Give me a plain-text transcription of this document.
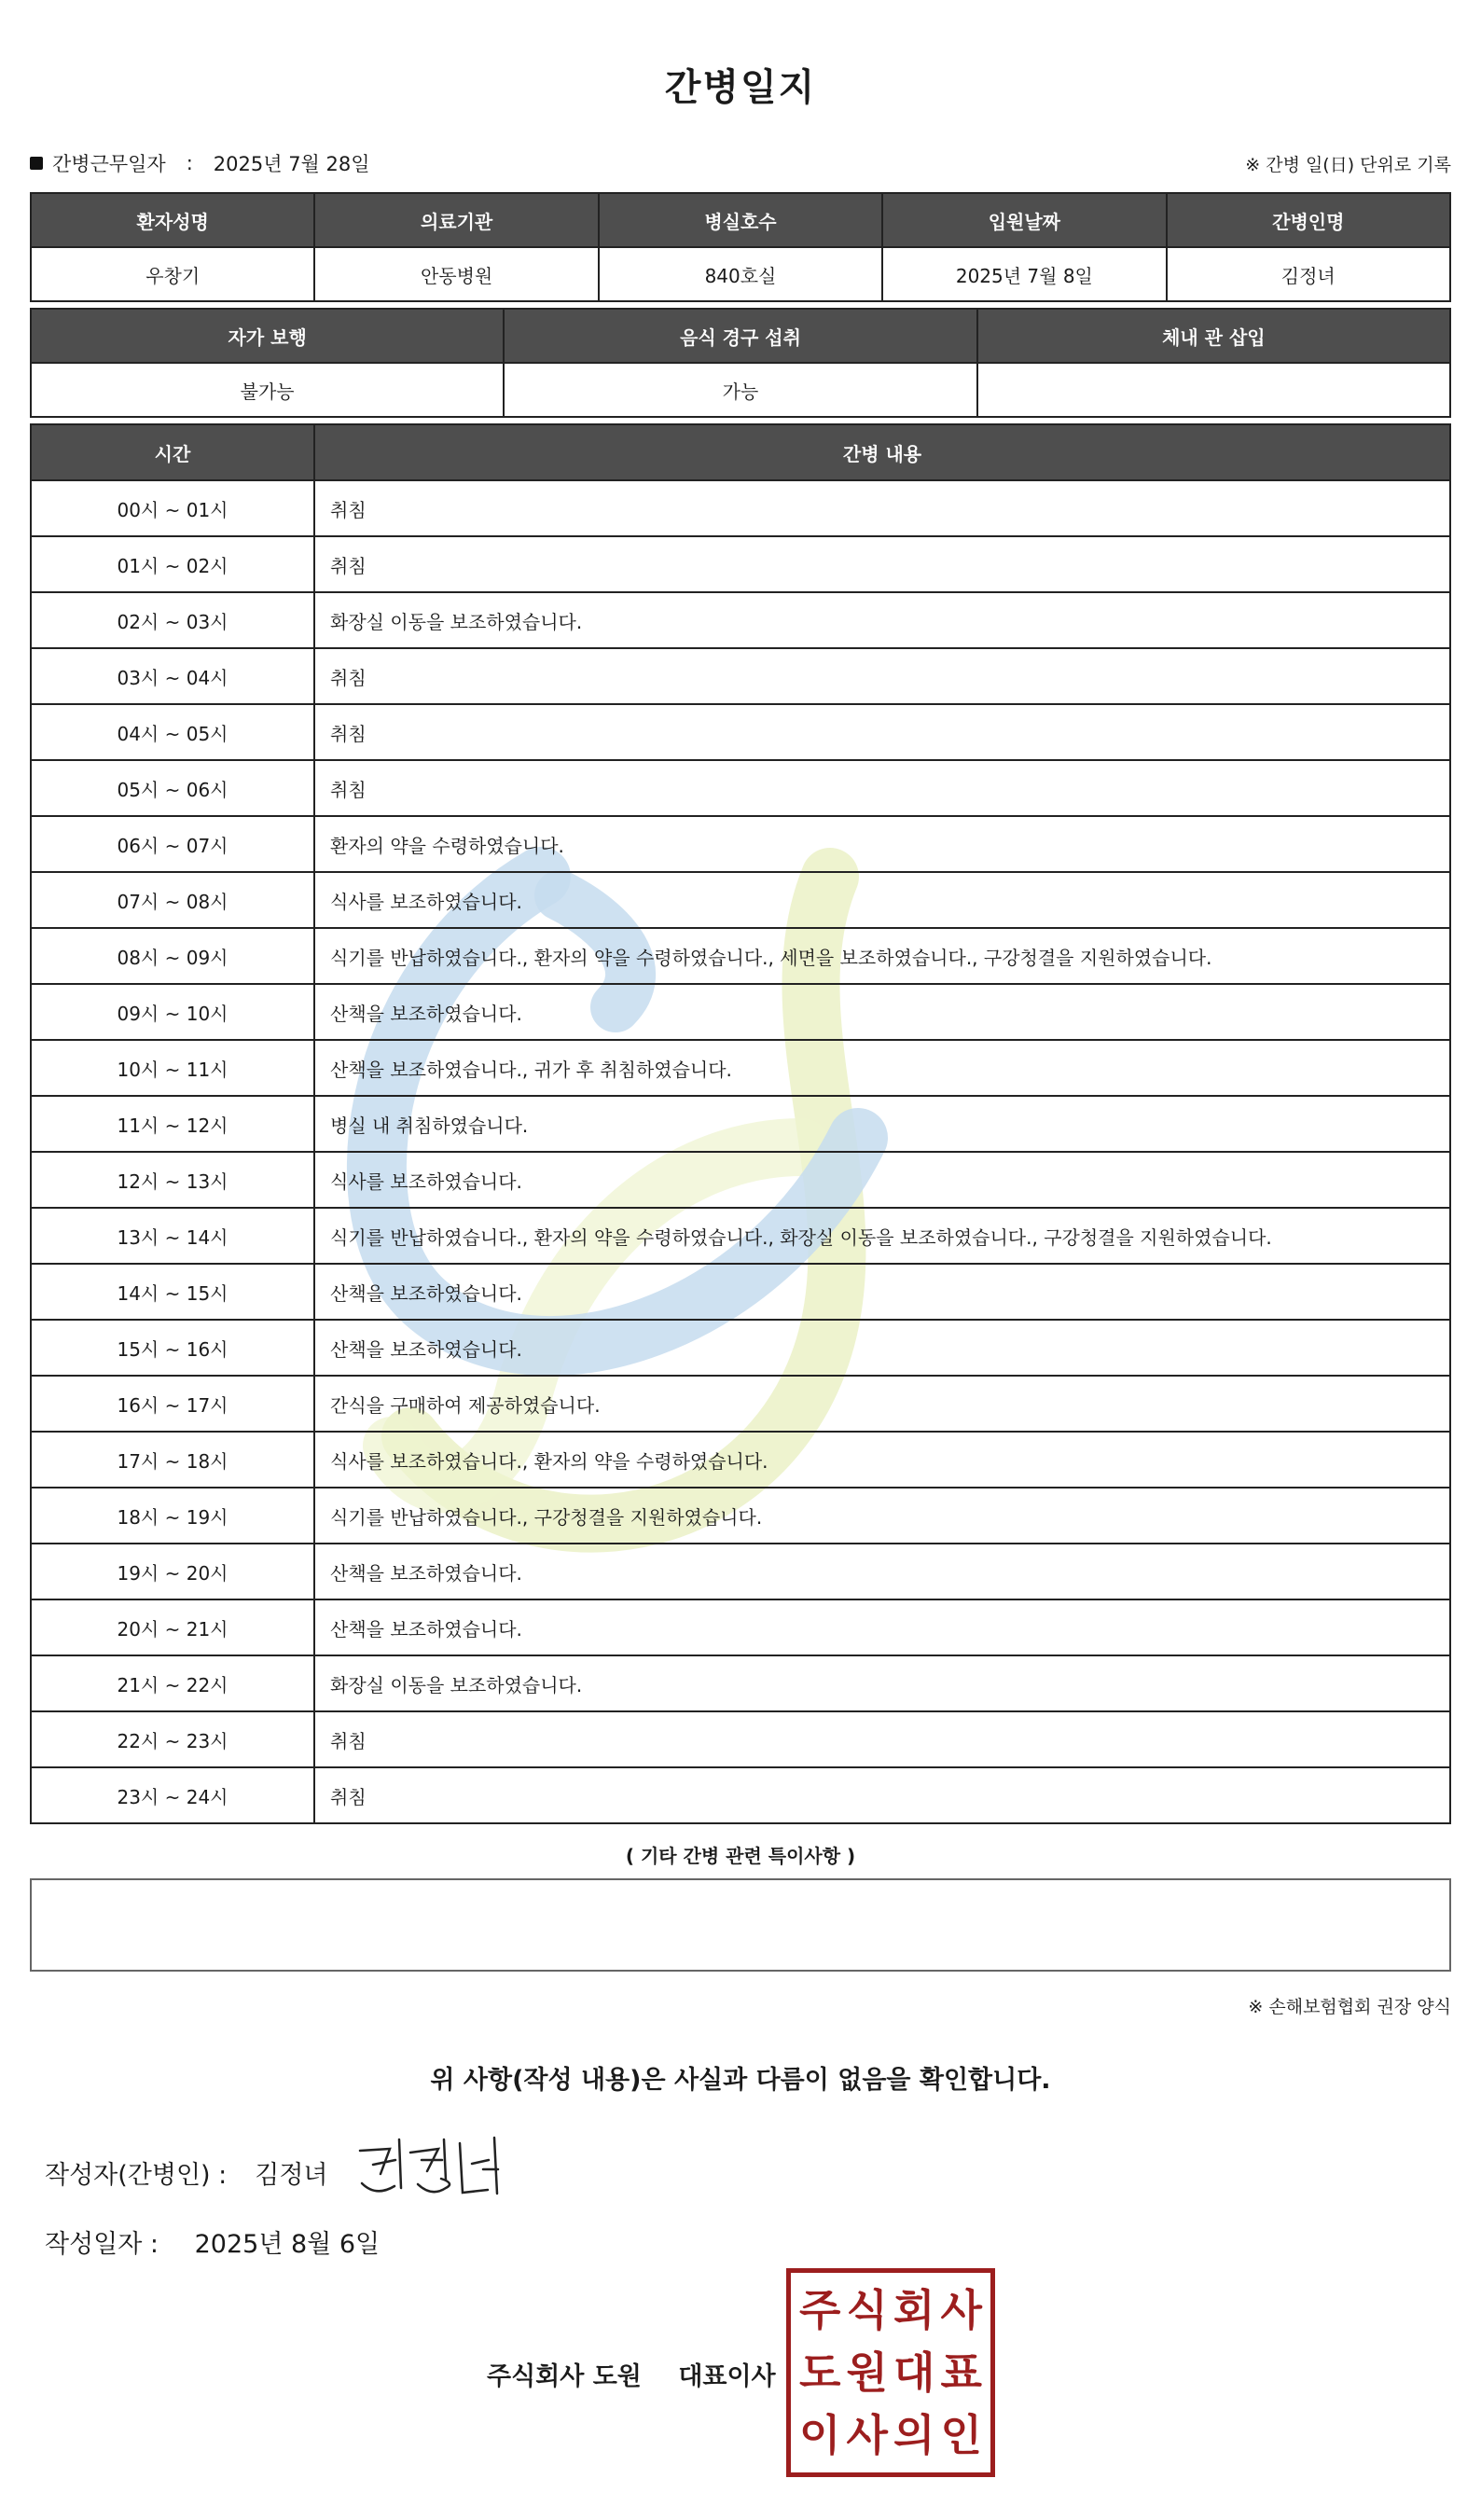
간병일지
간병근무일자 : 2025년 7월 28일	※ 간병 일(日) 단위로 기록
환자성명	의료기관	병실호수	입원날짜	간병인명
우창기	안동병원	840호실	2025년 7월 8일	김정녀
자가 보행	음식 경구 섭취	체내 관 삽입
불가능	가능	
시간	간병 내용
00시 ~ 01시	취침
01시 ~ 02시	취침
02시 ~ 03시	화장실 이동을 보조하였습니다.
03시 ~ 04시	취침
04시 ~ 05시	취침
05시 ~ 06시	취침
06시 ~ 07시	환자의 약을 수령하였습니다.
07시 ~ 08시	식사를 보조하였습니다.
08시 ~ 09시	식기를 반납하였습니다., 환자의 약을 수령하였습니다., 세면을 보조하였습니다., 구강청결을 지원하였습니다.
09시 ~ 10시	산책을 보조하였습니다.
10시 ~ 11시	산책을 보조하였습니다., 귀가 후 취침하였습니다.
11시 ~ 12시	병실 내 취침하였습니다.
12시 ~ 13시	식사를 보조하였습니다.
13시 ~ 14시	식기를 반납하였습니다., 환자의 약을 수령하였습니다., 화장실 이동을 보조하였습니다., 구강청결을 지원하였습니다.
14시 ~ 15시	산책을 보조하였습니다.
15시 ~ 16시	산책을 보조하였습니다.
16시 ~ 17시	간식을 구매하여 제공하였습니다.
17시 ~ 18시	식사를 보조하였습니다., 환자의 약을 수령하였습니다.
18시 ~ 19시	식기를 반납하였습니다., 구강청결을 지원하였습니다.
19시 ~ 20시	산책을 보조하였습니다.
20시 ~ 21시	산책을 보조하였습니다.
21시 ~ 22시	화장실 이동을 보조하였습니다.
22시 ~ 23시	취침
23시 ~ 24시	취침
( 기타 간병 관련 특이사항 )
※ 손해보험협회 권장 양식
위 사항(작성 내용)은 사실과 다름이 없음을 확인합니다.
작성자(간병인) : 김정녀
작성일자 : 2025년 8월 6일
주식회사 도원 대표이사
주 식 회 사
도 원 대 표
이 사 의 인
